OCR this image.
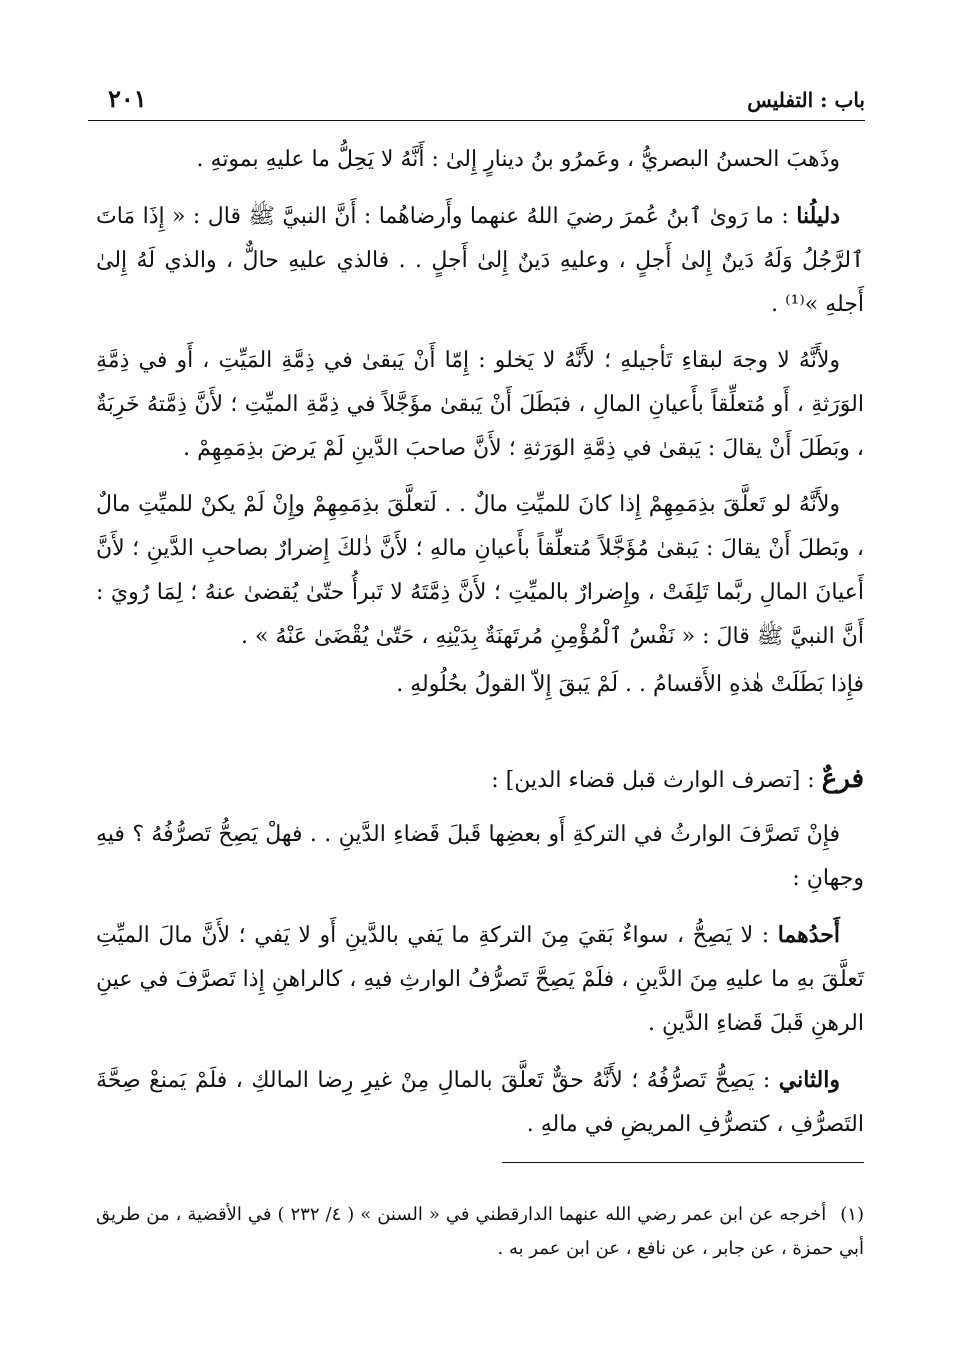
باب : التفليس
٢٠١

وذَهبَ الحسنُ البصريُّ ، وعَمرُو بنُ دينارٍ إِلىٰ : أَنَّهُ لا يَحِلُّ ما عليهِ بموتهِ .

دليلُنا : ما رَوىٰ ٱبنُ عُمرَ رضيَ اللهُ عنهما وأَرضاهُما : أَنَّ النبيَّ ﷺ قال : « إِذَا مَاتَ ٱلرَّجُلُ وَلَهُ دَينٌ إِلىٰ أَجلٍ ، وعليهِ دَينٌ إِلىٰ أَجلٍ . . فالذي عليهِ حالٌّ ، والذي لَهُ إِلىٰ أَجلهِ »⁽¹⁾ .

ولأَنَّهُ لا وجهَ لبقاءِ تَأجيلهِ ؛ لأَنَّهُ لا يَخلو : إِمّا أَنْ يَبقىٰ في ذِمَّةِ المَيِّتِ ، أَو في ذِمَّةِ الوَرَثةِ ، أَو مُتعلِّقاً بأَعيانِ المالِ ، فبَطَلَ أَنْ يَبقىٰ مؤَجَّلاً في ذِمَّةِ الميِّتِ ؛ لأَنَّ ذِمَّتهُ خَرِبَةٌ ، وبَطَلَ أَنْ يقالَ : يَبقىٰ في ذِمَّةِ الوَرَثةِ ؛ لأَنَّ صاحبَ الدَّينِ لَمْ يَرضَ بذِمَمِهِمْ .

ولأَنَّهُ لو تَعلَّقَ بذِمَمِهِمْ إِذا كانَ للميِّتِ مالٌ . . لَتعلَّقَ بذِمَمِهِمْ وإِنْ لَمْ يكنْ للميِّتِ مالٌ ، وبَطلَ أَنْ يقالَ : يَبقىٰ مُؤَجَّلاً مُتعلِّقاً بأَعيانِ مالهِ ؛ لأَنَّ ذٰلكَ إِضرارٌ بصاحبِ الدَّينِ ؛ لأَنَّ أَعيانَ المالِ ربَّما تَلِفَتْ ، وإِضرارٌ بالميِّتِ ؛ لأَنَّ ذِمَّتَهُ لا تَبرأُ حتّىٰ يُقضىٰ عنهُ ؛ لِمَا رُويَ : أَنَّ النبيَّ ﷺ قالَ : « نَفْسُ ٱلْمُؤْمِنِ مُرتَهنَةٌ بِدَيْنِهِ ، حَتّىٰ يُقْضَىٰ عَنْهُ » .

فإِذا بَطَلَتْ هٰذهِ الأَقسامُ . . لَمْ يَبقَ إِلاّ القولُ بحُلُولهِ .

فرعٌ : [تصرف الوارث قبل قضاء الدين] :

فإِنْ تَصرَّفَ الوارثُ في التركةِ أَو بعضِها قَبلَ قَضاءِ الدَّينِ . . فهلْ يَصِحُّ تَصرُّفُهُ ؟ فيهِ وجهانِ :

أَحدُهما : لا يَصِحُّ ، سواءٌ بَقيَ مِنَ التركةِ ما يَفي بالدَّينِ أَو لا يَفي ؛ لأَنَّ مالَ الميِّتِ تَعلَّقَ بهِ ما عليهِ مِنَ الدَّينِ ، فلَمْ يَصِحَّ تَصرُّفُ الوارثِ فيهِ ، كالراهنِ إِذا تَصرَّفَ في عينِ الرهنِ قَبلَ قَضاءِ الدَّينِ .

والثاني : يَصِحُّ تَصرُّفُهُ ؛ لأَنَّهُ حقٌّ تَعلَّقَ بالمالِ مِنْ غيرِ رِضا المالكِ ، فلَمْ يَمنعْ صِحَّةَ التَصرُّفِ ، كتصرُّفِ المريضِ في مالهِ .

(١)أخرجه عن ابن عمر رضي الله عنهما الدارقطني في « السنن » ( ٤/ ٢٣٢ ) في الأقضية ، من طريق أبي حمزة ، عن جابر ، عن نافع ، عن ابن عمر به .
